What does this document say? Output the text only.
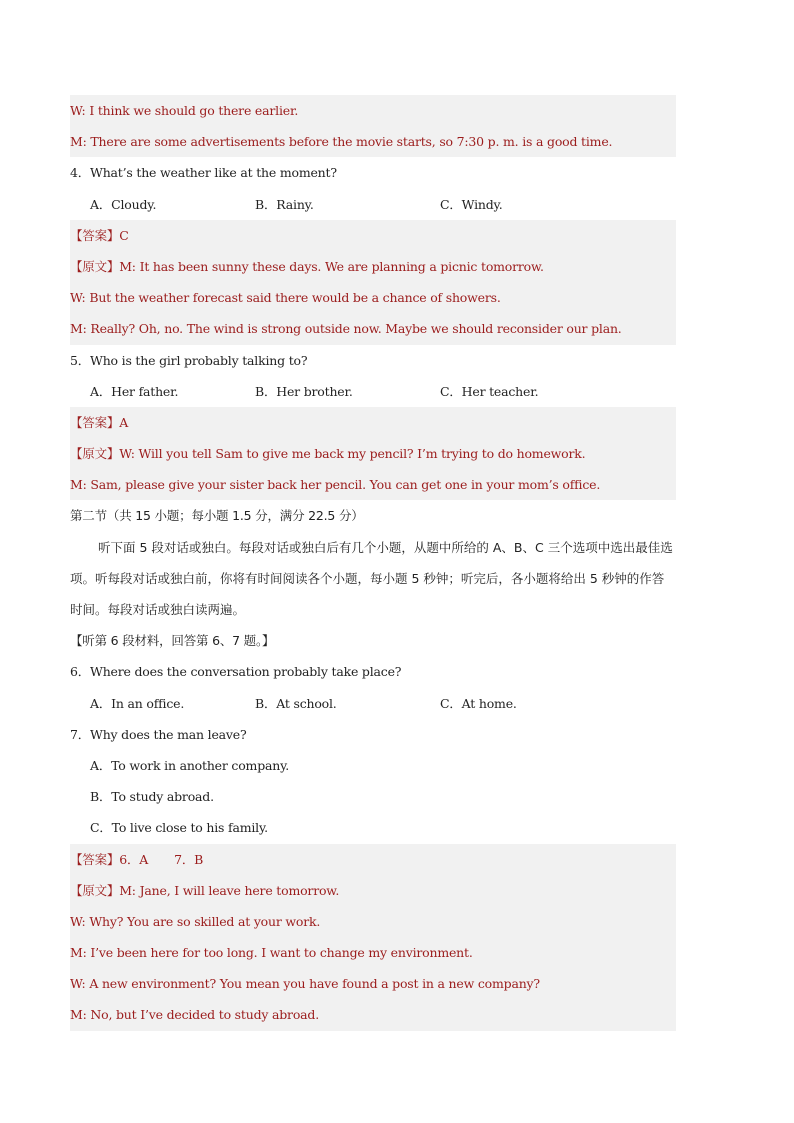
W: I think we should go there earlier.
M: There are some advertisements before the movie starts, so 7:30 p. m. is a good time.
4．What’s the weather like at the moment?
A．Cloudy.	B．Rainy.	C．Windy.
【答案】C
【原文】M: It has been sunny these days. We are planning a picnic tomorrow.
W: But the weather forecast said there would be a chance of showers.
M: Really? Oh, no. The wind is strong outside now. Maybe we should reconsider our plan.
5．Who is the girl probably talking to?
A．Her father.	B．Her brother.	C．Her teacher.
【答案】A
【原文】W: Will you tell Sam to give me back my pencil? I’m trying to do homework.
M: Sam, please give your sister back her pencil. You can get one in your mom’s office.
第二节（共 15 小题；每小题 1.5 分，满分 22.5 分）
听下面 5 段对话或独白。每段对话或独白后有几个小题，从题中所给的 A、B、C 三个选项中选出最佳选项。听每段对话或独白前，你将有时间阅读各个小题，每小题 5 秒钟；听完后，各小题将给出 5 秒钟的作答时间。每段对话或独白读两遍。
【听第 6 段材料，回答第 6、7 题。】
6．Where does the conversation probably take place?
A．In an office.	B．At school.	C．At home.
7．Why does the man leave?
A．To work in another company.
B．To study abroad.
C．To live close to his family.
【答案】6．A 7．B
【原文】M: Jane, I will leave here tomorrow.
W: Why? You are so skilled at your work.
M: I’ve been here for too long. I want to change my environment.
W: A new environment? You mean you have found a post in a new company?
M: No, but I’ve decided to study abroad.
